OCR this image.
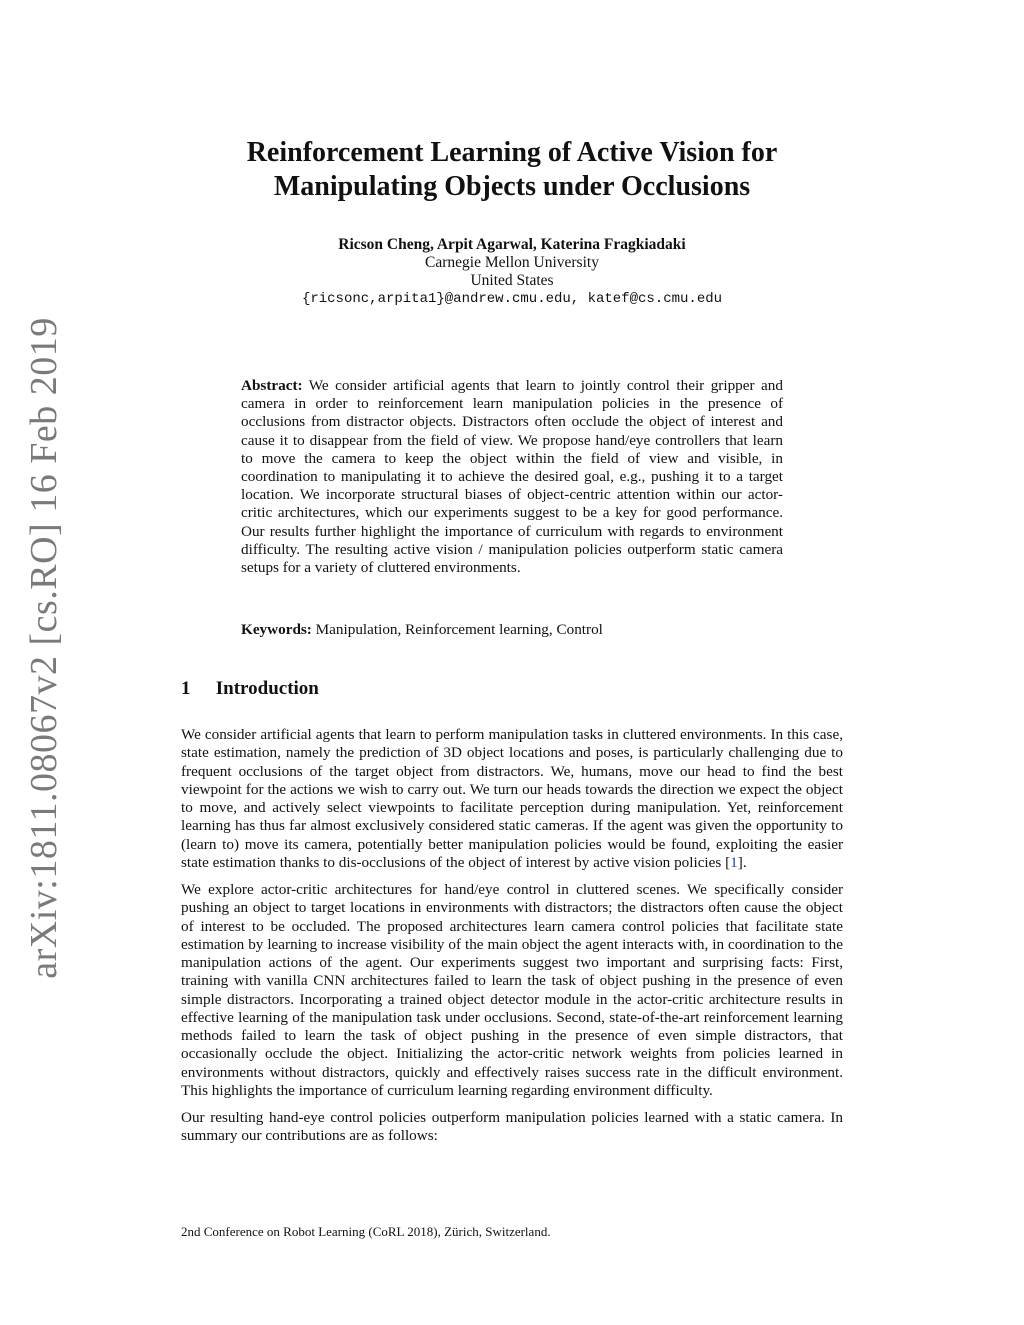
arXiv:1811.08067v2 [cs.RO] 16 Feb 2019
Reinforcement Learning of Active Vision for
Manipulating Objects under Occlusions
Ricson Cheng, Arpit Agarwal, Katerina Fragkiadaki
Carnegie Mellon University
United States
{ricsonc,arpita1}@andrew.cmu.edu, katef@cs.cmu.edu
Abstract: We consider artificial agents that learn to jointly control their gripper and camera in order to reinforcement learn manipulation policies in the presence of occlusions from distractor objects. Distractors often occlude the object of interest and cause it to disappear from the field of view. We propose hand/eye controllers that learn to move the camera to keep the object within the field of view and visible, in coordination to manipulating it to achieve the desired goal, e.g., pushing it to a target location. We incorporate structural biases of object-centric attention within our actor-critic architectures, which our experiments suggest to be a key for good performance. Our results further highlight the importance of curriculum with regards to environment difficulty. The resulting active vision / manipulation policies outperform static camera setups for a variety of cluttered environments.
Keywords: Manipulation, Reinforcement learning, Control
1 Introduction

We consider artificial agents that learn to perform manipulation tasks in cluttered environments. In this case, state estimation, namely the prediction of 3D object locations and poses, is particularly challenging due to frequent occlusions of the target object from distractors. We, humans, move our head to find the best viewpoint for the actions we wish to carry out. We turn our heads towards the direction we expect the object to move, and actively select viewpoints to facilitate perception during manipulation. Yet, reinforcement learning has thus far almost exclusively considered static cameras. If the agent was given the opportunity to (learn to) move its camera, potentially better manipulation policies would be found, exploiting the easier state estimation thanks to dis-occlusions of the object of interest by active vision policies [1].

We explore actor-critic architectures for hand/eye control in cluttered scenes. We specifically consider pushing an object to target locations in environments with distractors; the distractors often cause the object of interest to be occluded. The proposed architectures learn camera control policies that facilitate state estimation by learning to increase visibility of the main object the agent interacts with, in coordination to the manipulation actions of the agent. Our experiments suggest two important and surprising facts: First, training with vanilla CNN architectures failed to learn the task of object pushing in the presence of even simple distractors. Incorporating a trained object detector module in the actor-critic architecture results in effective learning of the manipulation task under occlusions. Second, state-of-the-art reinforcement learning methods failed to learn the task of object pushing in the presence of even simple distractors, that occasionally occlude the object. Initializing the actor-critic network weights from policies learned in environments without distractors, quickly and effectively raises success rate in the difficult environment. This highlights the importance of curriculum learning regarding environment difficulty.

Our resulting hand-eye control policies outperform manipulation policies learned with a static camera. In summary our contributions are as follows:

2nd Conference on Robot Learning (CoRL 2018), Zürich, Switzerland.
